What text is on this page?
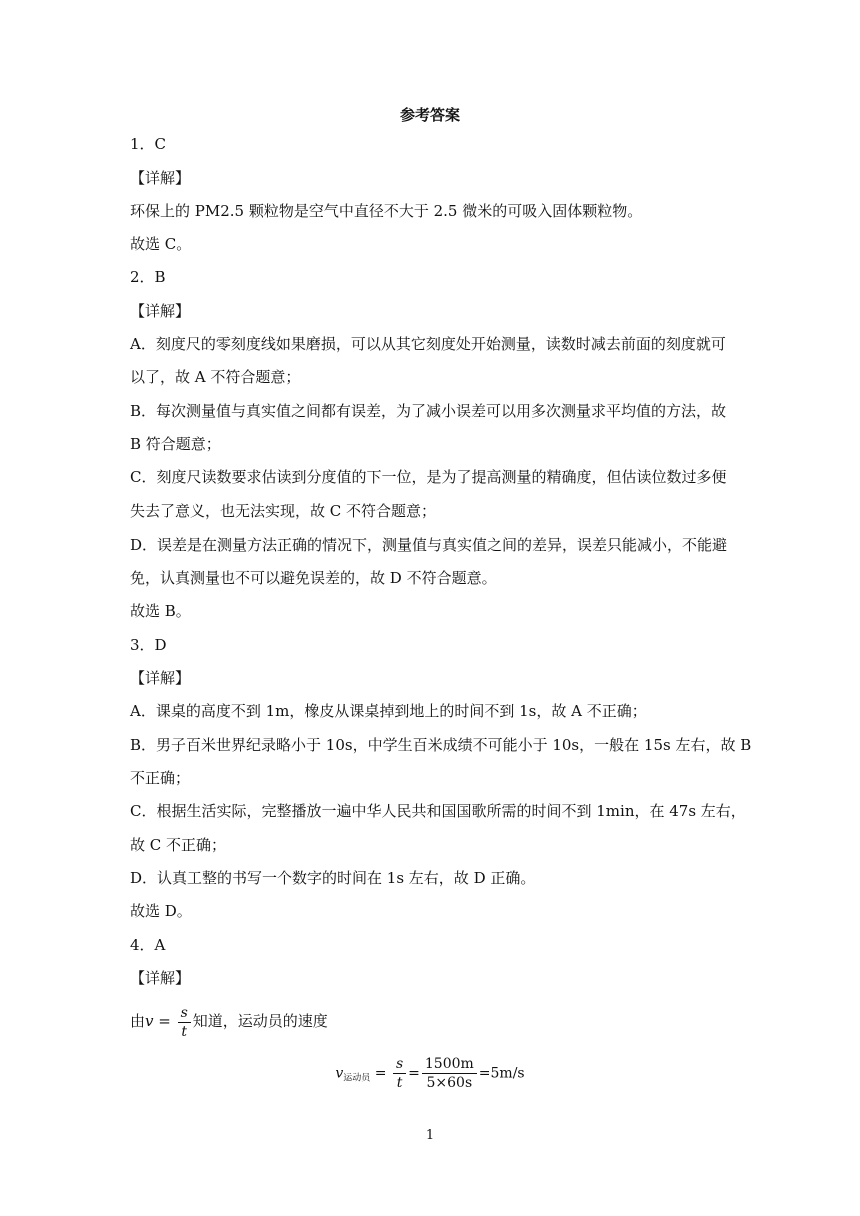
参考答案
1．C
【详解】
环保上的 PM2.5 颗粒物是空气中直径不大于 2.5 微米的可吸入固体颗粒物。
故选 C。
2．B
【详解】
A．刻度尺的零刻度线如果磨损，可以从其它刻度处开始测量，读数时减去前面的刻度就可
以了，故 A 不符合题意；
B．每次测量值与真实值之间都有误差，为了减小误差可以用多次测量求平均值的方法，故
B 符合题意；
C．刻度尺读数要求估读到分度值的下一位，是为了提高测量的精确度，但估读位数过多便
失去了意义，也无法实现，故 C 不符合题意；
D．误差是在测量方法正确的情况下，测量值与真实值之间的差异，误差只能减小，不能避
免，认真测量也不可以避免误差的，故 D 不符合题意。
故选 B。
3．D
【详解】
A．课桌的高度不到 1m，橡皮从课桌掉到地上的时间不到 1s，故 A 不正确；
B．男子百米世界纪录略小于 10s，中学生百米成绩不可能小于 10s，一般在 15s 左右，故 B
不正确；
C．根据生活实际，完整播放一遍中华人民共和国国歌所需的时间不到 1min，在 47s 左右，
故 C 不正确；
D．认真工整的书写一个数字的时间在 1s 左右，故 D 正确。
故选 D。
4．A
【详解】
由$v = \frac{s}{t}$ 知道，运动员的速度
$v_{运动员} = \frac{s}{t} = \frac{1500m}{5\times 60s} =5m/s$
1
